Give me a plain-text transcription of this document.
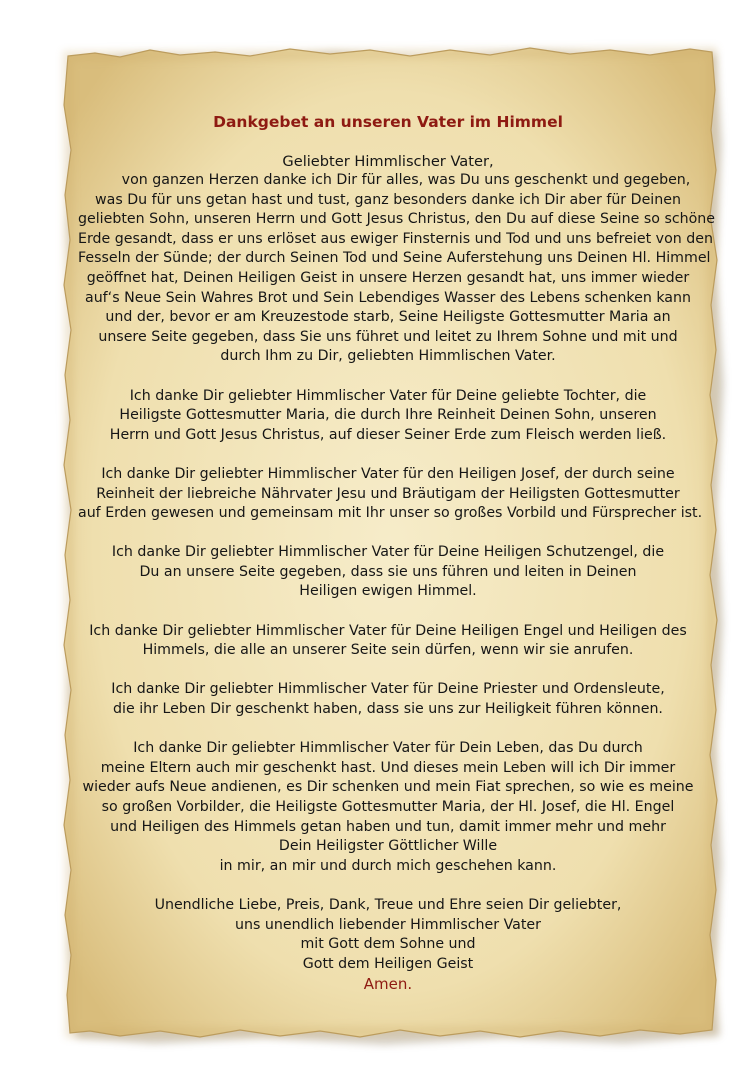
Dankgebet an unseren Vater im Himmel
Geliebter Himmlischer Vater,
von ganzen Herzen danke ich Dir für alles, was Du uns geschenkt und gegeben,
was Du für uns getan hast und tust, ganz besonders danke ich Dir aber für Deinen
geliebten Sohn, unseren Herrn und Gott Jesus Christus, den Du auf diese Seine so schöne
Erde gesandt, dass er uns erlöset aus ewiger Finsternis und Tod und uns befreiet von den
Fesseln der Sünde; der durch Seinen Tod und Seine Auferstehung uns Deinen Hl. Himmel
geöffnet hat, Deinen Heiligen Geist in unsere Herzen gesandt hat, uns immer wieder
auf‘s Neue Sein Wahres Brot und Sein Lebendiges Wasser des Lebens schenken kann
und der, bevor er am Kreuzestode starb, Seine Heiligste Gottesmutter Maria an
unsere Seite gegeben, dass Sie uns führet und leitet zu Ihrem Sohne und mit und
durch Ihm zu Dir, geliebten Himmlischen Vater.
Ich danke Dir geliebter Himmlischer Vater für Deine geliebte Tochter, die
Heiligste Gottesmutter Maria, die durch Ihre Reinheit Deinen Sohn, unseren
Herrn und Gott Jesus Christus, auf dieser Seiner Erde zum Fleisch werden ließ.
Ich danke Dir geliebter Himmlischer Vater für den Heiligen Josef, der durch seine
Reinheit der liebreiche Nährvater Jesu und Bräutigam der Heiligsten Gottesmutter
auf Erden gewesen und gemeinsam mit Ihr unser so großes Vorbild und Fürsprecher ist.
Ich danke Dir geliebter Himmlischer Vater für Deine Heiligen Schutzengel, die
Du an unsere Seite gegeben, dass sie uns führen und leiten in Deinen
Heiligen ewigen Himmel.
Ich danke Dir geliebter Himmlischer Vater für Deine Heiligen Engel und Heiligen des
Himmels, die alle an unserer Seite sein dürfen, wenn wir sie anrufen.
Ich danke Dir geliebter Himmlischer Vater für Deine Priester und Ordensleute,
die ihr Leben Dir geschenkt haben, dass sie uns zur Heiligkeit führen können.
Ich danke Dir geliebter Himmlischer Vater für Dein Leben, das Du durch
meine Eltern auch mir geschenkt hast. Und dieses mein Leben will ich Dir immer
wieder aufs Neue andienen, es Dir schenken und mein Fiat sprechen, so wie es meine
so großen Vorbilder, die Heiligste Gottesmutter Maria, der Hl. Josef, die Hl. Engel
und Heiligen des Himmels getan haben und tun, damit immer mehr und mehr
Dein Heiligster Göttlicher Wille
in mir, an mir und durch mich geschehen kann.
Unendliche Liebe, Preis, Dank, Treue und Ehre seien Dir geliebter,
uns unendlich liebender Himmlischer Vater
mit Gott dem Sohne und
Gott dem Heiligen Geist
Amen.
